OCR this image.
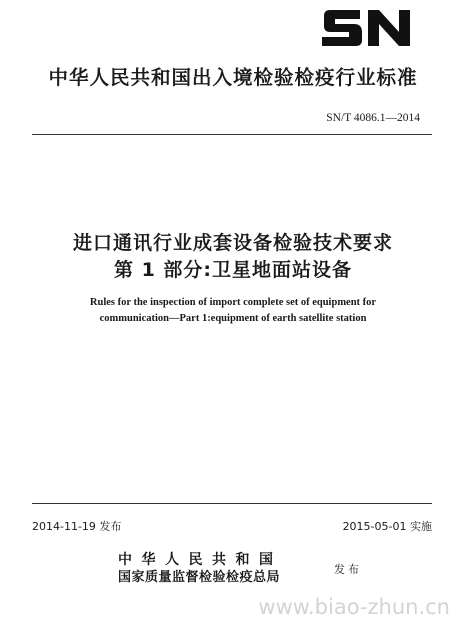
中华人民共和国出入境检验检疫行业标准
SN/T 4086.1—2014
进口通讯行业成套设备检验技术要求
第 1 部分:卫星地面站设备
Rules for the inspection of import complete set of equipment for
communication—Part 1:equipment of earth satellite station
2014-11-19 发布	2015-05-01 实施
中华人民共和国
国家质量监督检验检疫总局
发布
www.biao-zhun.cn
